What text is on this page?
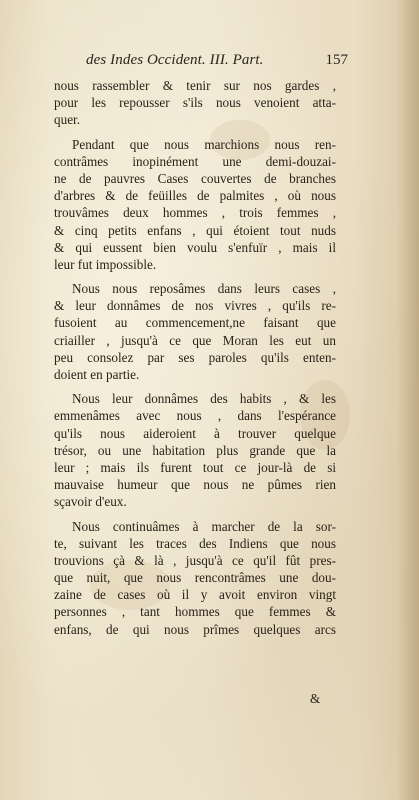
des Indes Occident. III. Part.	157
nous rassembler & tenir sur nos gardes ,
pour les repousser s'ils nous venoient atta-
quer.
Pendant que nous marchions nous ren-
contrâmes inopinément une demi-douzai-
ne de pauvres Cases couvertes de branches
d'arbres & de feüilles de palmites , où nous
trouvâmes deux hommes , trois femmes ,
& cinq petits enfans , qui étoient tout nuds
& qui eussent bien voulu s'enfuïr , mais il
leur fut impossible.
Nous nous reposâmes dans leurs cases ,
& leur donnâmes de nos vivres , qu'ils re-
fusoient au commencement,ne faisant que
criailler , jusqu'à ce que Moran les eut un
peu consolez par ses paroles qu'ils enten-
doient en partie.
Nous leur donnâmes des habits , & les
emmenâmes avec nous , dans l'espérance
qu'ils nous aideroient à trouver quelque
trésor, ou une habitation plus grande que la
leur ; mais ils furent tout ce jour-là de si
mauvaise humeur que nous ne pûmes rien
sçavoir d'eux.
Nous continuâmes à marcher de la sor-
te, suivant les traces des Indiens que nous
trouvions çà & là , jusqu'à ce qu'il fût pres-
que nuit, que nous rencontrâmes une dou-
zaine de cases où il y avoit environ vingt
personnes , tant hommes que femmes &
enfans, de qui nous prîmes quelques arcs
&
